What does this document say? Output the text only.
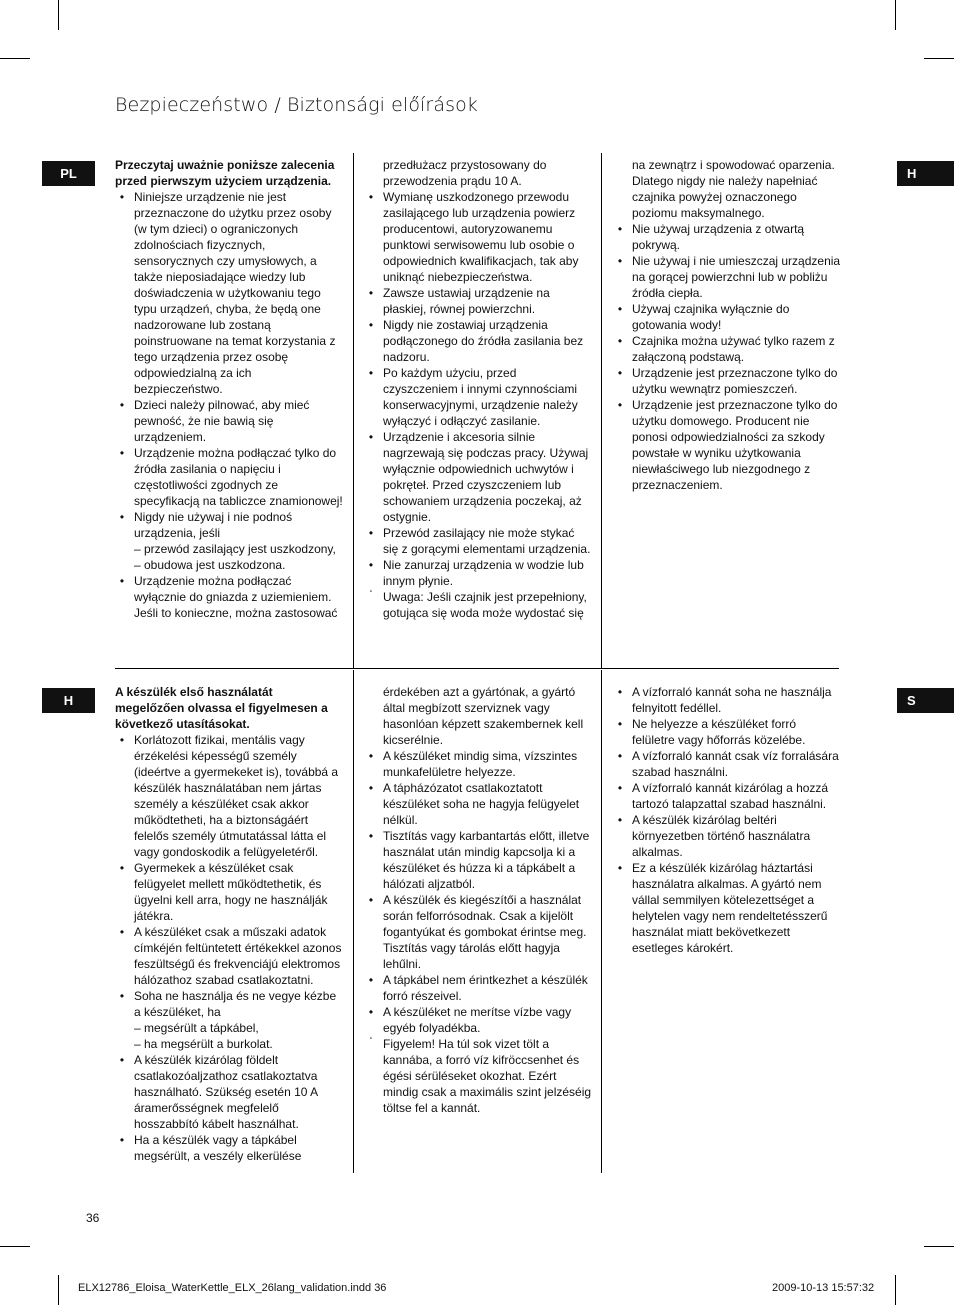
Bezpieczeństwo / Biztonsági előírások
PL
H
H
S

Przeczytaj uważnie poniższe zalecenia przed pierwszym użyciem urządzenia.

• Niniejsze urządzenie nie jest przeznaczone do użytku przez osoby (w tym dzieci) o ograniczonych zdolnościach fizycznych, sensorycznych czy umysłowych, a także nieposiadające wiedzy lub doświadczenia w użytkowaniu tego typu urządzeń, chyba, że będą one nadzorowane lub zostaną poinstruowane na temat korzystania z tego urządzenia przez osobę odpowiedzialną za ich bezpieczeństwo.
• Dzieci należy pilnować, aby mieć pewność, że nie bawią się urządzeniem.
• Urządzenie można podłączać tylko do źródła zasilania o napięciu i częstotliwości zgodnych ze specyfikacją na tabliczce znamionowej!
• Nigdy nie używaj i nie podnoś urządzenia, jeśli
– przewód zasilający jest uszkodzony,
– obudowa jest uszkodzona.
• Urządzenie można podłączać wyłącznie do gniazda z uziemieniem. Jeśli to konieczne, można zastosować

przedłużacz przystosowany do przewodzenia prądu 10 A.

• Wymianę uszkodzonego przewodu zasilającego lub urządzenia powierz producentowi, autoryzowanemu punktowi serwisowemu lub osobie o odpowiednich kwalifikacjach, tak aby uniknąć niebezpieczeństwa.
• Zawsze ustawiaj urządzenie na płaskiej, równej powierzchni.
• Nigdy nie zostawiaj urządzenia podłączonego do źródła zasilania bez nadzoru.
• Po każdym użyciu, przed czyszczeniem i innymi czynnościami konserwacyjnymi, urządzenie należy wyłączyć i odłączyć zasilanie.
• Urządzenie i akcesoria silnie nagrzewają się podczas pracy. Używaj wyłącznie odpowiednich uchwytów i pokręteł. Przed czyszczeniem lub schowaniem urządzenia poczekaj, aż ostygnie.
• Przewód zasilający nie może stykać się z gorącymi elementami urządzenia.
• Nie zanurzaj urządzenia w wodzie lub innym płynie.
ʻ Uwaga: Jeśli czajnik jest przepełniony, gotująca się woda może wydostać się

na zewnątrz i spowodować oparzenia. Dlatego nigdy nie należy napełniać czajnika powyżej oznaczonego poziomu maksymalnego.

• Nie używaj urządzenia z otwartą pokrywą.
• Nie używaj i nie umieszczaj urządzenia na gorącej powierzchni lub w pobliżu źródła ciepła.
• Używaj czajnika wyłącznie do gotowania wody!
• Czajnika można używać tylko razem z załączoną podstawą.
• Urządzenie jest przeznaczone tylko do użytku wewnątrz pomieszczeń.
• Urządzenie jest przeznaczone tylko do użytku domowego. Producent nie ponosi odpowiedzialności za szkody powstałe w wyniku użytkowania niewłaściwego lub niezgodnego z przeznaczeniem.

A készülék első használatát megelőzően olvassa el figyelmesen a következő utasításokat.

• Korlátozott fizikai, mentális vagy érzékelési képességű személy (ideértve a gyermekeket is), továbbá a készülék használatában nem jártas személy a készüléket csak akkor működtetheti, ha a biztonságáért felelős személy útmutatással látta el vagy gondoskodik a felügyeletéről.
• Gyermekek a készüléket csak felügyelet mellett működtethetik, és ügyelni kell arra, hogy ne használják játékra.
• A készüléket csak a műszaki adatok címkéjén feltüntetett értékekkel azonos feszültségű és frekvenciájú elektromos hálózathoz szabad csatlakoztatni.
• Soha ne használja és ne vegye kézbe a készüléket, ha
– megsérült a tápkábel,
– ha megsérült a burkolat.
• A készülék kizárólag földelt csatlakozóaljzathoz csatlakoztatva használható. Szükség esetén 10 A áramerősségnek megfelelő hosszabbító kábelt használhat.
• Ha a készülék vagy a tápkábel megsérült, a veszély elkerülése

érdekében azt a gyártónak, a gyártó által megbízott szerviznek vagy hasonlóan képzett szakembernek kell kicserélnie.

• A készüléket mindig sima, vízszintes munkafelületre helyezze.
• A tápházózatot csatlakoztatott készüléket soha ne hagyja felügyelet nélkül.
• Tisztítás vagy karbantartás előtt, illetve használat után mindig kapcsolja ki a készüléket és húzza ki a tápkábelt a hálózati aljzatból.
• A készülék és kiegészítői a használat során felforrósodnak. Csak a kijelölt fogantyúkat és gombokat érintse meg. Tisztítás vagy tárolás előtt hagyja lehűlni.
• A tápkábel nem érintkezhet a készülék forró részeivel.
• A készüléket ne merítse vízbe vagy egyéb folyadékba.
ʻ Figyelem! Ha túl sok vizet tölt a kannába, a forró víz kifröccsenhet és égési sérüléseket okozhat. Ezért mindig csak a maximális szint jelzéséig töltse fel a kannát.
• A vízforraló kannát soha ne használja felnyitott fedéllel.
• Ne helyezze a készüléket forró felületre vagy hőforrás közelébe.
• A vízforraló kannát csak víz forralására szabad használni.
• A vízforraló kannát kizárólag a hozzá tartozó talapzattal szabad használni.
• A készülék kizárólag beltéri környezetben történő használatra alkalmas.
• Ez a készülék kizárólag háztartási használatra alkalmas. A gyártó nem vállal semmilyen kötelezettséget a helytelen vagy nem rendeltetésszerű használat miatt bekövetkezett esetleges károkért.
36
ELX12786_Eloisa_WaterKettle_ELX_26lang_validation.indd 36	2009-10-13 15:57:32
